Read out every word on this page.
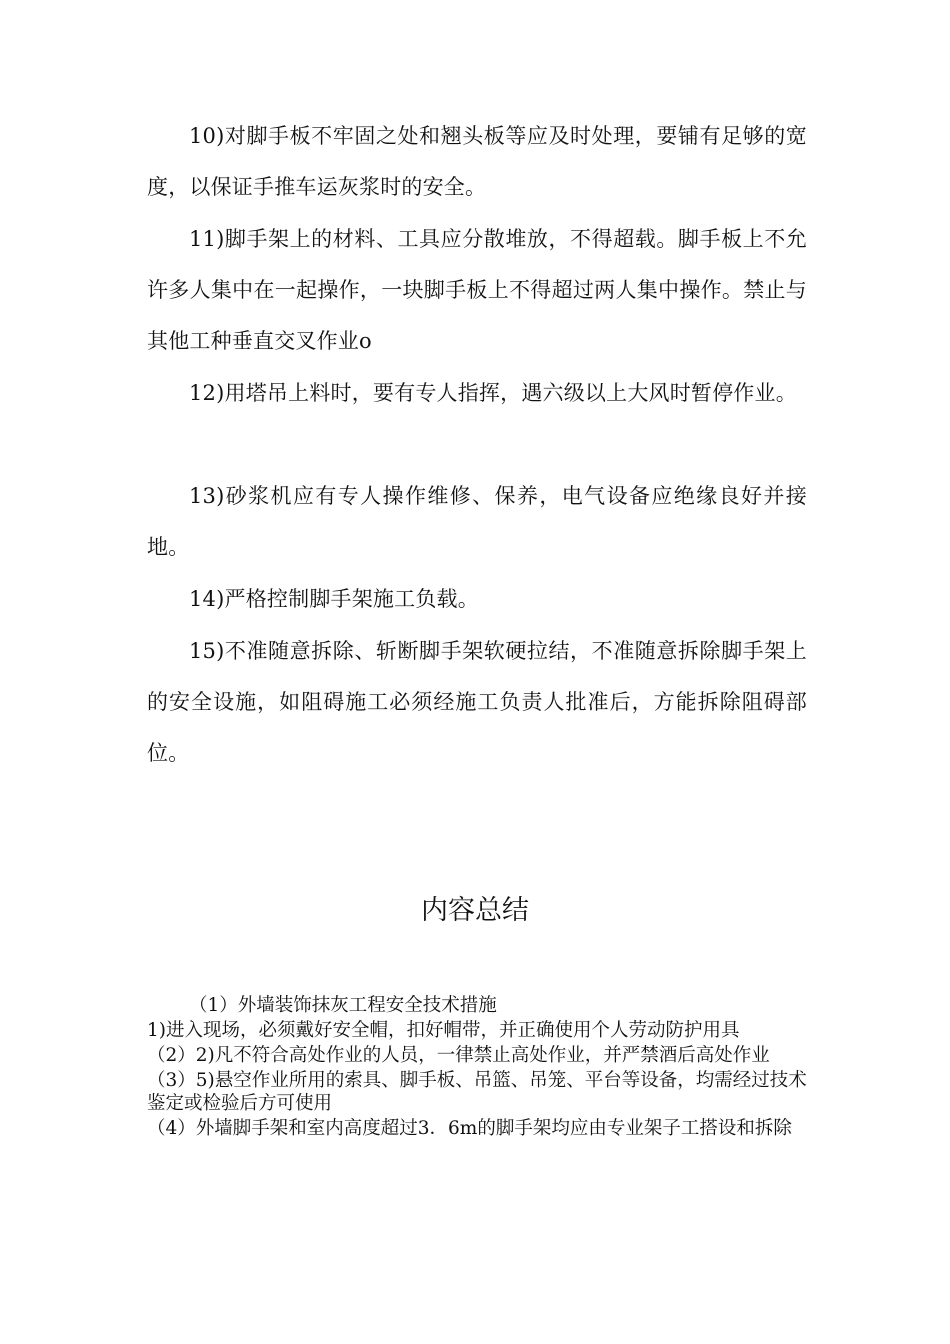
10)对脚手板不牢固之处和翘头板等应及时处理，要铺有足够的宽度，以保证手推车运灰浆时的安全。

11)脚手架上的材料、工具应分散堆放，不得超载。脚手板上不允许多人集中在一起操作，一块脚手板上不得超过两人集中操作。禁止与其他工种垂直交叉作业o

12)用塔吊上料时，要有专人指挥，遇六级以上大风时暂停作业。

13)砂浆机应有专人操作维修、保养，电气设备应绝缘良好并接地。

14)严格控制脚手架施工负载。

15)不准随意拆除、斩断脚手架软硬拉结，不准随意拆除脚手架上的安全设施，如阻碍施工必须经施工负责人批准后，方能拆除阻碍部位。

内容总结

（1）外墙装饰抹灰工程安全技术措施

1)进入现场，必须戴好安全帽，扣好帽带，并正确使用个人劳动防护用具

（2）2)凡不符合高处作业的人员，一律禁止高处作业，并严禁酒后高处作业

（3）5)悬空作业所用的索具、脚手板、吊篮、吊笼、平台等设备，均需经过技术鉴定或检验后方可使用

（4）外墙脚手架和室内高度超过3．6m的脚手架均应由专业架子工搭设和拆除
